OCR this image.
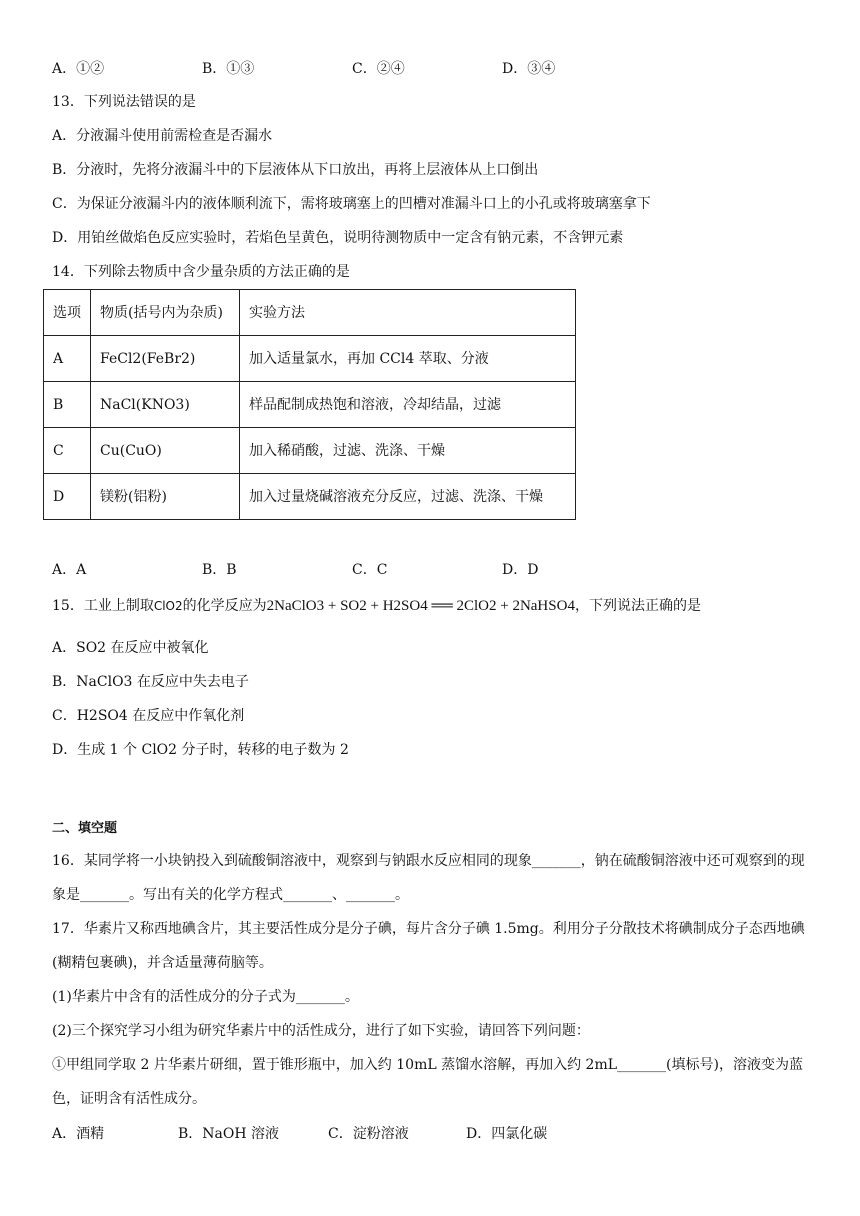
A．①②	B．①③	C．②④	D．③④
13．下列说法错误的是
A．分液漏斗使用前需检查是否漏水
B．分液时，先将分液漏斗中的下层液体从下口放出，再将上层液体从上口倒出
C．为保证分液漏斗内的液体顺利流下，需将玻璃塞上的凹槽对准漏斗口上的小孔或将玻璃塞拿下
D．用铂丝做焰色反应实验时，若焰色呈黄色，说明待测物质中一定含有钠元素，不含钾元素
14．下列除去物质中含少量杂质的方法正确的是
选项	物质(括号内为杂质)	实验方法
A	FeCl2(FeBr2)	加入适量氯水，再加 CCl4 萃取、分液
B	NaCl(KNO3)	样品配制成热饱和溶液，冷却结晶，过滤
C	Cu(CuO)	加入稀硝酸，过滤、洗涤、干燥
D	镁粉(铝粉)	加入过量烧碱溶液充分反应，过滤、洗涤、干燥
A．A	B．B	C．C	D．D
15．工业上制取ClO2的化学反应为2NaClO3 + SO2 + H2SO4 ══ 2ClO2 + 2NaHSO4，下列说法正确的是
A．SO2 在反应中被氧化
B．NaClO3 在反应中失去电子
C．H2SO4 在反应中作氧化剂
D．生成 1 个 ClO2 分子时，转移的电子数为 2
二、填空题
16．某同学将一小块钠投入到硫酸铜溶液中，观察到与钠跟水反应相同的现象_______，钠在硫酸铜溶液中还可观察到的现象是_______。写出有关的化学方程式_______、_______。
17．华素片又称西地碘含片，其主要活性成分是分子碘，每片含分子碘 1.5mg。利用分子分散技术将碘制成分子态西地碘(糊精包裹碘)，并含适量薄荷脑等。
(1)华素片中含有的活性成分的分子式为_______。
(2)三个探究学习小组为研究华素片中的活性成分，进行了如下实验，请回答下列问题：
①甲组同学取 2 片华素片研细，置于锥形瓶中，加入约 10mL 蒸馏水溶解，再加入约 2mL_______(填标号)，溶液变为蓝色，证明含有活性成分。
A．酒精	B．NaOH 溶液	C．淀粉溶液	D．四氯化碳
